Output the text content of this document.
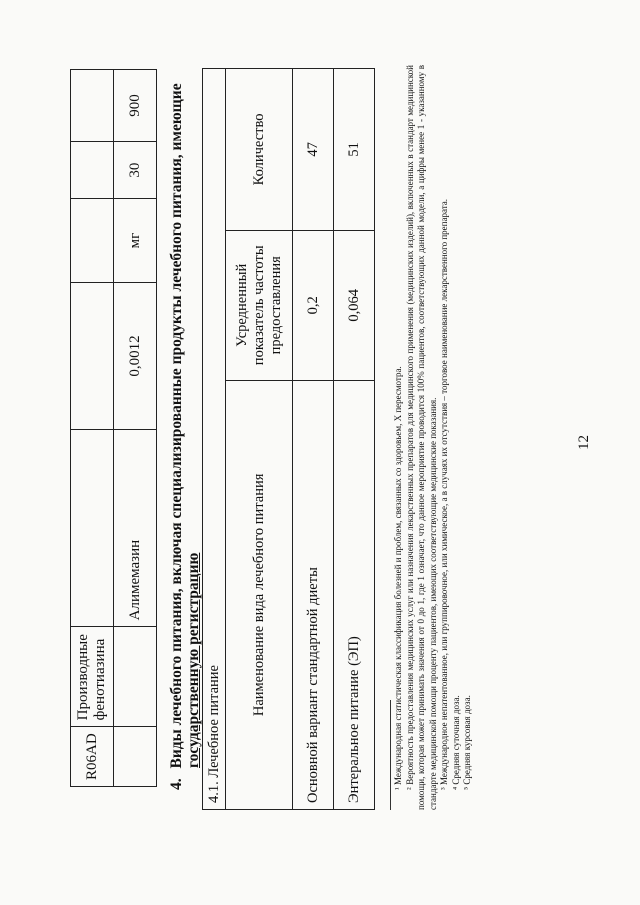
12
R06AD	Производные фенотиазина					
		Алимемазин	0,0012	мг	30	900
4. Виды лечебного питания, включая специализированные продукты лечебного питания, имеющие
государственную регистрацию 4.1. Лечебное питание		
Наименование вида лечебного питания	Усредненный показатель частоты предоставления	Количество
Основной вариант стандартной диеты	0,2	47
Энтеральное питание (ЭП)	0,064	51

¹ Международная статистическая классификация болезней и проблем, связанных со здоровьем, X пересмотра. ² Вероятность предоставления медицинских услуг или назначения лекарственных препаратов для медицинского применения (медицинских изделий), включенных в стандарт медицинской помощи, которая может принимать значения от 0 до 1, где 1 означает, что данное мероприятие проводится 100% пациентов, соответствующих данной модели, а цифры менее 1 - указанному в стандарте медицинской помощи проценту пациентов, имеющих соответствующие медицинские показания. ³ Международное непатентованное, или группировочное, или химическое, а в случаях их отсутствия – торговое наименование лекарственного препарата. ⁴ Средняя суточная доза. ⁵ Средняя курсовая доза.
